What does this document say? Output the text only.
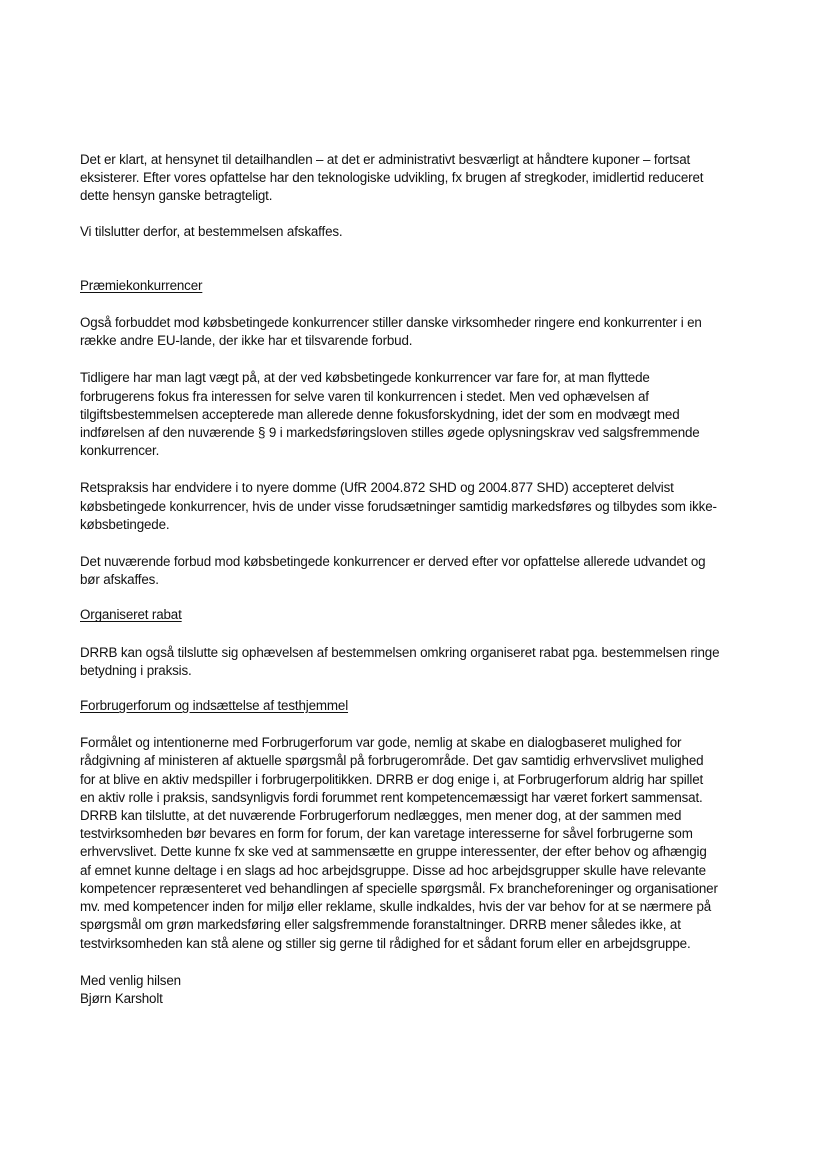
Det er klart, at hensynet til detailhandlen – at det er administrativt besværligt at håndtere kuponer – fortsat
eksisterer. Efter vores opfattelse har den teknologiske udvikling, fx brugen af stregkoder, imidlertid reduceret
dette hensyn ganske betragteligt.

Vi tilslutter derfor, at bestemmelsen afskaffes.

Præmiekonkurrencer

Også forbuddet mod købsbetingede konkurrencer stiller danske virksomheder ringere end konkurrenter i en
række andre EU-lande, der ikke har et tilsvarende forbud.

Tidligere har man lagt vægt på, at der ved købsbetingede konkurrencer var fare for, at man flyttede
forbrugerens fokus fra interessen for selve varen til konkurrencen i stedet. Men ved ophævelsen af
tilgiftsbestemmelsen accepterede man allerede denne fokusforskydning, idet der som en modvægt med
indførelsen af den nuværende § 9 i markedsføringsloven stilles øgede oplysningskrav ved salgsfremmende
konkurrencer.

Retspraksis har endvidere i to nyere domme (UfR 2004.872 SHD og 2004.877 SHD) accepteret delvist
købsbetingede konkurrencer, hvis de under visse forudsætninger samtidig markedsføres og tilbydes som ikke-
købsbetingede.

Det nuværende forbud mod købsbetingede konkurrencer er derved efter vor opfattelse allerede udvandet og
bør afskaffes.

Organiseret rabat

DRRB kan også tilslutte sig ophævelsen af bestemmelsen omkring organiseret rabat pga. bestemmelsen ringe
betydning i praksis.

Forbrugerforum og indsættelse af testhjemmel

Formålet og intentionerne med Forbrugerforum var gode, nemlig at skabe en dialogbaseret mulighed for
rådgivning af ministeren af aktuelle spørgsmål på forbrugerområde. Det gav samtidig erhvervslivet mulighed
for at blive en aktiv medspiller i forbrugerpolitikken. DRRB er dog enige i, at Forbrugerforum aldrig har spillet
en aktiv rolle i praksis, sandsynligvis fordi forummet rent kompetencemæssigt har været forkert sammensat.
DRRB kan tilslutte, at det nuværende Forbrugerforum nedlægges, men mener dog, at der sammen med
testvirksomheden bør bevares en form for forum, der kan varetage interesserne for såvel forbrugerne som
erhvervslivet. Dette kunne fx ske ved at sammensætte en gruppe interessenter, der efter behov og afhængig
af emnet kunne deltage i en slags ad hoc arbejdsgruppe. Disse ad hoc arbejdsgrupper skulle have relevante
kompetencer repræsenteret ved behandlingen af specielle spørgsmål. Fx brancheforeninger og organisationer
mv. med kompetencer inden for miljø eller reklame, skulle indkaldes, hvis der var behov for at se nærmere på
spørgsmål om grøn markedsføring eller salgsfremmende foranstaltninger. DRRB mener således ikke, at
testvirksomheden kan stå alene og stiller sig gerne til rådighed for et sådant forum eller en arbejdsgruppe.

Med venlig hilsen
Bjørn Karsholt
